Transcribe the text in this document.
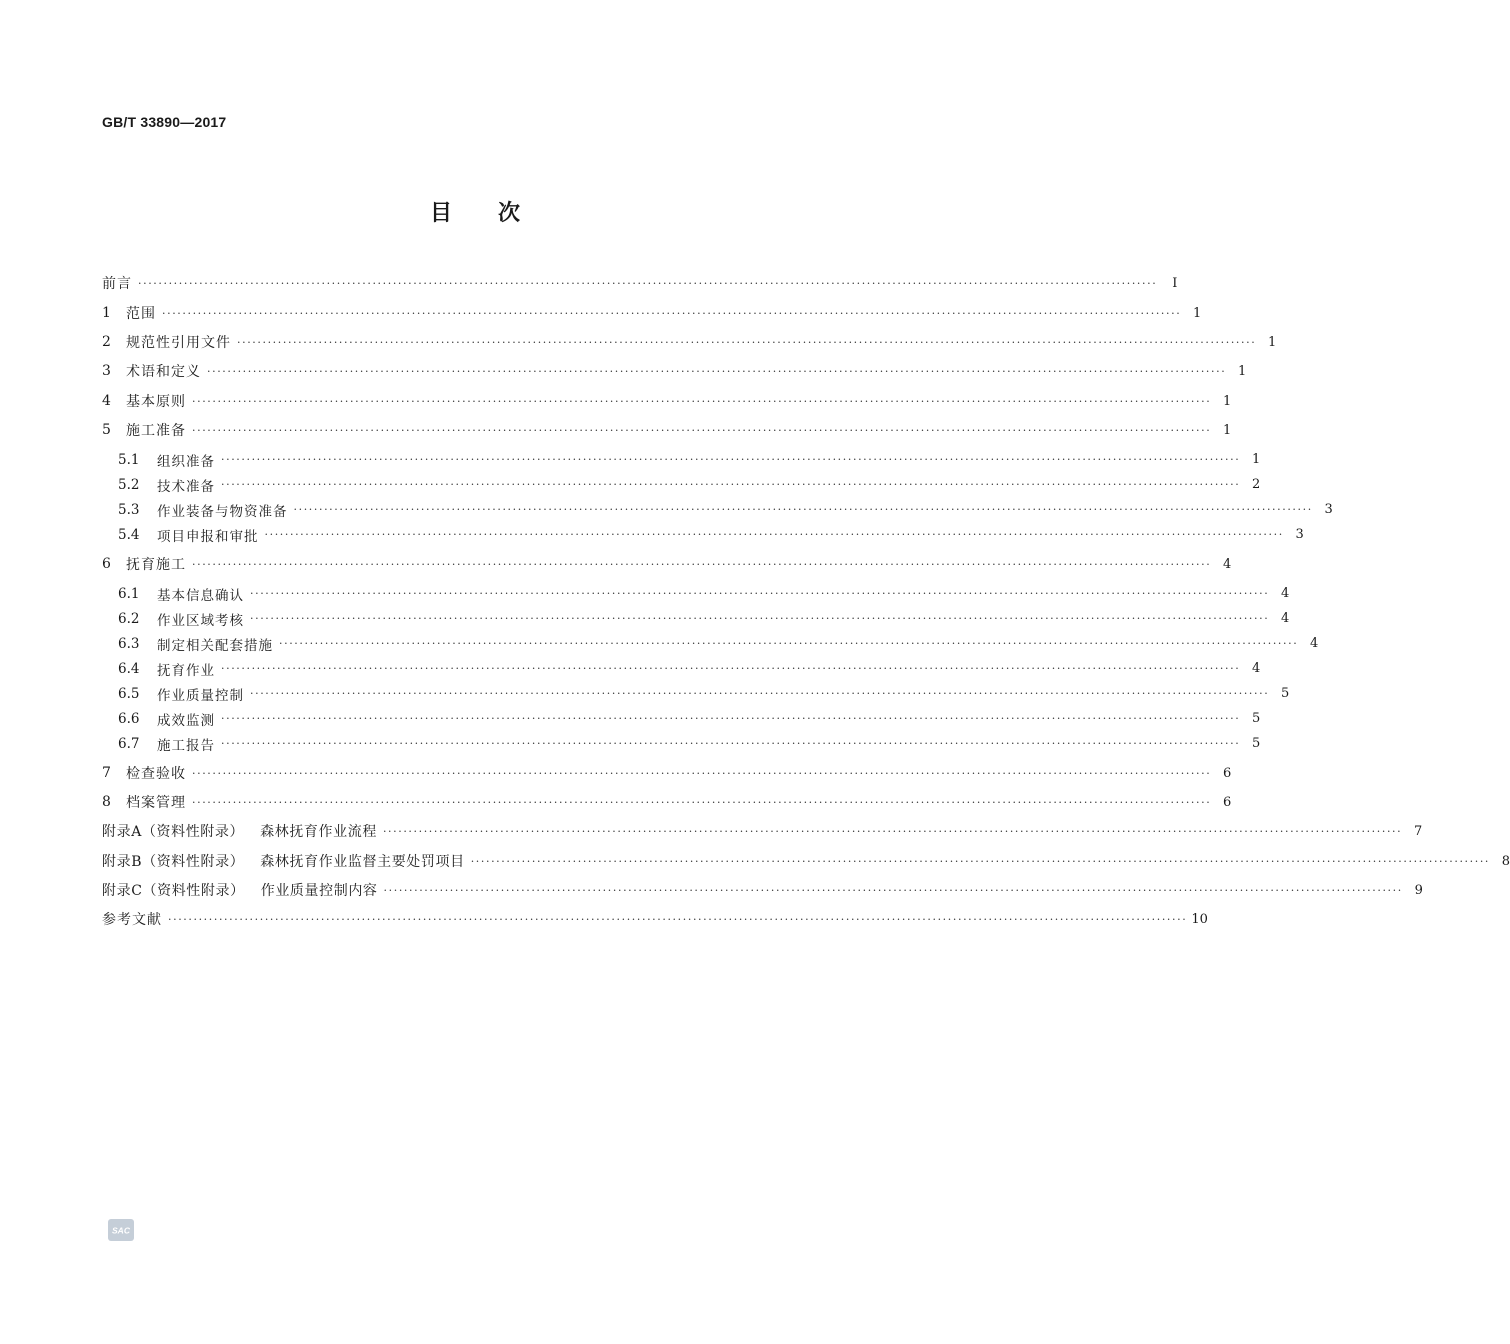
GB/T 33890—2017
目 次
前言 ········································································································································································································	Ⅰ
1	范围 ········································································································································································································ 1
2	规范性引用文件 ········································································································································································································ 1
3	术语和定义 ········································································································································································································ 1
4	基本原则 ········································································································································································································ 1
5	施工准备 ········································································································································································································ 1
5.1	组织准备 ········································································································································································································ 1
5.2	技术准备 ········································································································································································································ 2
5.3	作业装备与物资准备 ········································································································································································································ 3
5.4	项目申报和审批 ········································································································································································································ 3
6	抚育施工 ········································································································································································································ 4
6.1	基本信息确认 ········································································································································································································ 4
6.2	作业区域考核 ········································································································································································································ 4
6.3	制定相关配套措施 ········································································································································································································ 4
6.4	抚育作业 ········································································································································································································ 4
6.5	作业质量控制 ········································································································································································································ 5
6.6	成效监测 ········································································································································································································ 5
6.7	施工报告 ········································································································································································································ 5
7	检查验收 ········································································································································································································ 6
8	档案管理 ········································································································································································································ 6
附录A（资料性附录） 森林抚育作业流程 ········································································································································································································ 7
附录B（资料性附录） 森林抚育作业监督主要处罚项目 ········································································································································································································ 8
附录C（资料性附录） 作业质量控制内容 ········································································································································································································ 9
参考文献 ········································································································································································································ 10
SAC
